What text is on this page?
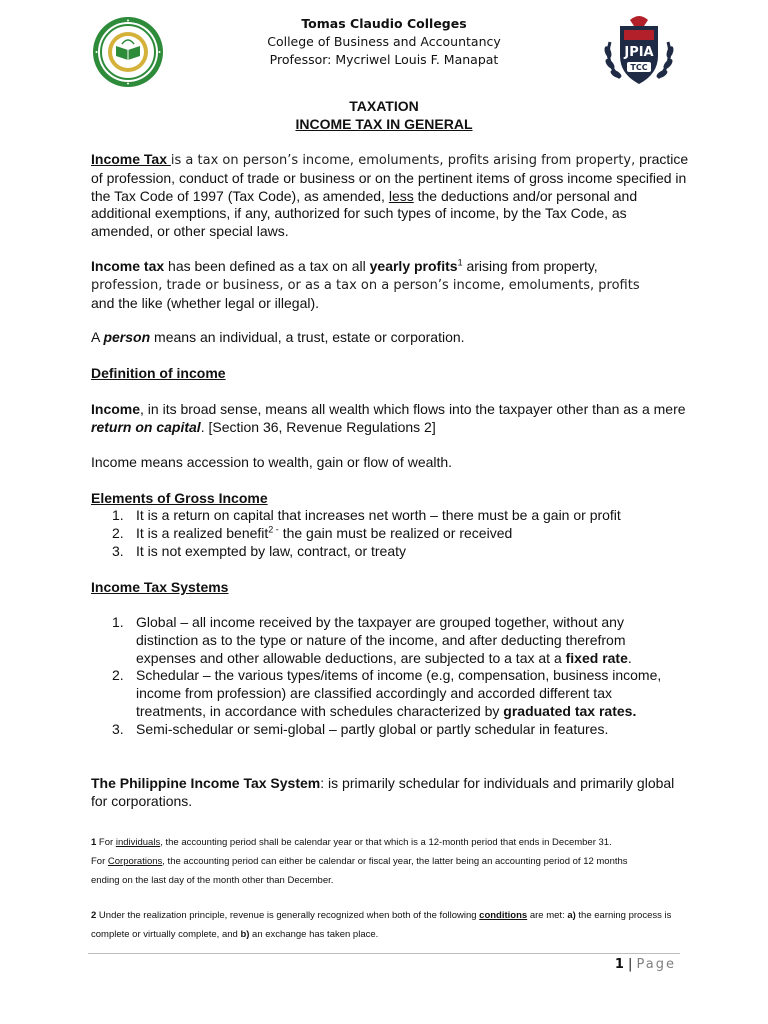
Tomas Claudio Colleges
College of Business and Accountancy
Professor: Mycriwel Louis F. Manapat	JPIA
TCC
TAXATION
INCOME TAX IN GENERAL
Income Tax is a tax on person’s income, emoluments, profits arising from property, practice of profession, conduct of trade or business or on the pertinent items of gross income specified in the Tax Code of 1997 (Tax Code), as amended, less the deductions and/or personal and additional exemptions, if any, authorized for such types of income, by the Tax Code, as amended, or other special laws.
Income tax has been defined as a tax on all yearly profits$^1$ arising from property,
profession, trade or business, or as a tax on a person’s income, emoluments, profits
and the like (whether legal or illegal).
A person means an individual, a trust, estate or corporation.
Definition of income
Income, in its broad sense, means all wealth which flows into the taxpayer other than as a mere return on capital. [Section 36, Revenue Regulations 2]
Income means accession to wealth, gain or flow of wealth.
Elements of Gross Income
1. It is a return on capital that increases net worth – there must be a gain or profit
2. It is a realized benefit$^{2 -}$ the gain must be realized or received
3. It is not exempted by law, contract, or treaty
Income Tax Systems
1. Global – all income received by the taxpayer are grouped together, without any distinction as to the type or nature of the income, and after deducting therefrom expenses and other allowable deductions, are subjected to a tax at a fixed rate.
2. Schedular – the various types/items of income (e.g, compensation, business income, income from profession) are classified accordingly and accorded different tax treatments, in accordance with schedules characterized by graduated tax rates.
3. Semi-schedular or semi-global – partly global or partly schedular in features.
The Philippine Income Tax System: is primarily schedular for individuals and primarily global for corporations.
1 For individuals, the accounting period shall be calendar year or that which is a 12-month period that ends in December 31.
For Corporations, the accounting period can either be calendar or fiscal year, the latter being an accounting period of 12 months
ending on the last day of the month other than December.
2 Under the realization principle, revenue is generally recognized when both of the following conditions are met: a) the earning process is complete or virtually complete, and b) an exchange has taken place.
1 | Page
